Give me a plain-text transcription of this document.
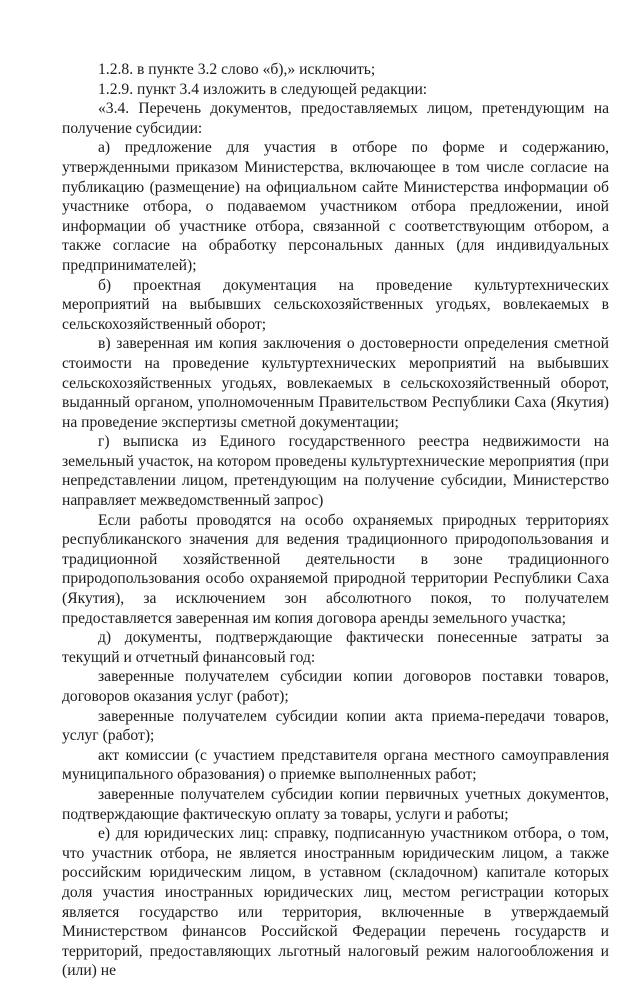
1.2.8. в пункте 3.2 слово «б),» исключить;

1.2.9. пункт 3.4 изложить в следующей редакции:

«3.4. Перечень документов, предоставляемых лицом, претендующим на получение субсидии:

а) предложение для участия в отборе по форме и содержанию, утвержденными приказом Министерства, включающее в том числе согласие на публикацию (размещение) на официальном сайте Министерства информации об участнике отбора, о подаваемом участником отбора предложении, иной информации об участнике отбора, связанной с соответствующим отбором, а также согласие на обработку персональных данных (для индивидуальных предпринимателей);

б) проектная документация на проведение культуртехнических мероприятий на выбывших сельскохозяйственных угодьях, вовлекаемых в сельскохозяйственный оборот;

в) заверенная им копия заключения о достоверности определения сметной стоимости на проведение культуртехнических мероприятий на выбывших сельскохозяйственных угодьях, вовлекаемых в сельскохозяйственный оборот, выданный органом, уполномоченным Правительством Республики Саха (Якутия) на проведение экспертизы сметной документации;

г) выписка из Единого государственного реестра недвижимости на земельный участок, на котором проведены культуртехнические мероприятия (при непредставлении лицом, претендующим на получение субсидии, Министерство направляет межведомственный запрос)

Если работы проводятся на особо охраняемых природных территориях республиканского значения для ведения традиционного природопользования и традиционной хозяйственной деятельности в зоне традиционного природопользования особо охраняемой природной территории Республики Саха (Якутия), за исключением зон абсолютного покоя, то получателем предоставляется заверенная им копия договора аренды земельного участка;

д) документы, подтверждающие фактически понесенные затраты за текущий и отчетный финансовый год:

заверенные получателем субсидии копии договоров поставки товаров, договоров оказания услуг (работ);

заверенные получателем субсидии копии акта приема-передачи товаров, услуг (работ);

акт комиссии (с участием представителя органа местного самоуправления муниципального образования) о приемке выполненных работ;

заверенные получателем субсидии копии первичных учетных документов, подтверждающие фактическую оплату за товары, услуги и работы;

е) для юридических лиц: справку, подписанную участником отбора, о том, что участник отбора, не является иностранным юридическим лицом, а также российским юридическим лицом, в уставном (складочном) капитале которых доля участия иностранных юридических лиц, местом регистрации которых является государство или территория, включенные в утверждаемый Министерством финансов Российской Федерации перечень государств и территорий, предоставляющих льготный налоговый режим налогообложения и (или) не
